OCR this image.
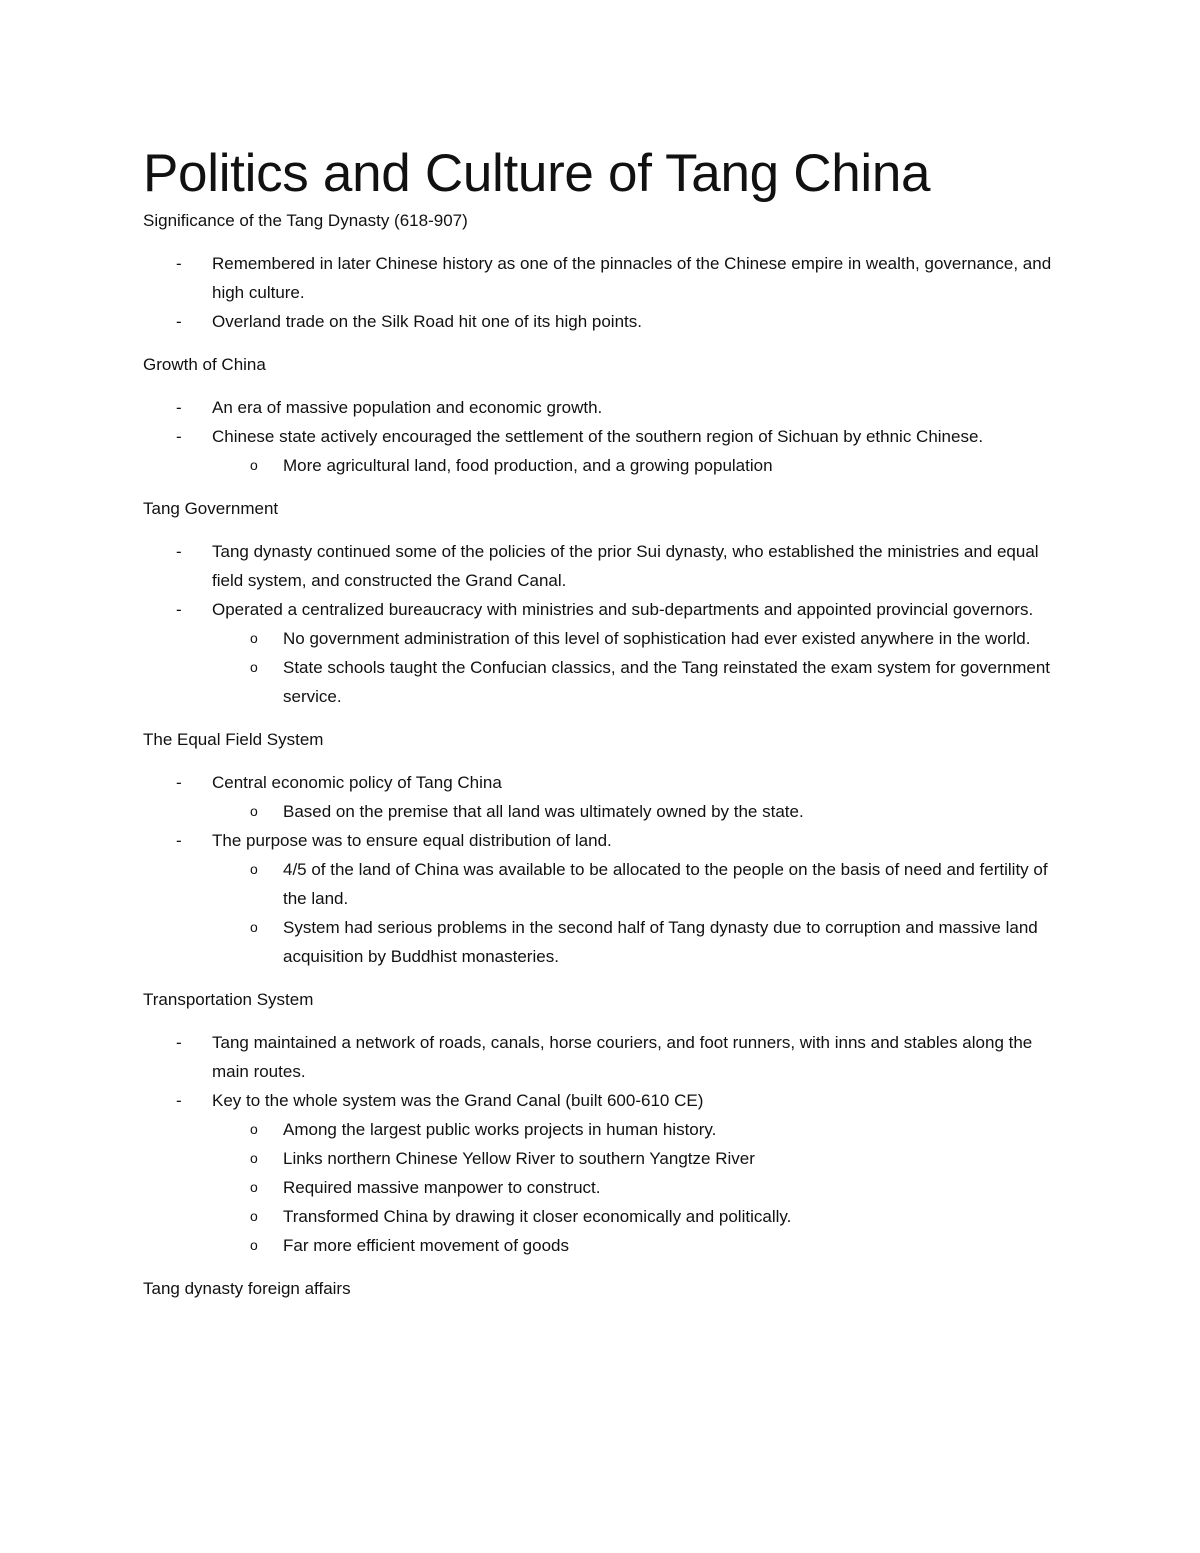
Politics and Culture of Tang China

Significance of the Tang Dynasty (618-907)

- Remembered in later Chinese history as one of the pinnacles of the Chinese empire in wealth, governance, and high culture.
- Overland trade on the Silk Road hit one of its high points.

Growth of China

- An era of massive population and economic growth.
- Chinese state actively encouraged the settlement of the southern region of Sichuan by ethnic Chinese.
o More agricultural land, food production, and a growing population

Tang Government

- Tang dynasty continued some of the policies of the prior Sui dynasty, who established the ministries and equal field system, and constructed the Grand Canal.
- Operated a centralized bureaucracy with ministries and sub-departments and appointed provincial governors.
o No government administration of this level of sophistication had ever existed anywhere in the world.
o State schools taught the Confucian classics, and the Tang reinstated the exam system for government service.

The Equal Field System

- Central economic policy of Tang China
o Based on the premise that all land was ultimately owned by the state.
- The purpose was to ensure equal distribution of land.
o 4/5 of the land of China was available to be allocated to the people on the basis of need and fertility of the land.
o System had serious problems in the second half of Tang dynasty due to corruption and massive land acquisition by Buddhist monasteries.

Transportation System

- Tang maintained a network of roads, canals, horse couriers, and foot runners, with inns and stables along the main routes.
- Key to the whole system was the Grand Canal (built 600-610 CE)
o Among the largest public works projects in human history.
o Links northern Chinese Yellow River to southern Yangtze River
o Required massive manpower to construct.
o Transformed China by drawing it closer economically and politically.
o Far more efficient movement of goods

Tang dynasty foreign affairs
